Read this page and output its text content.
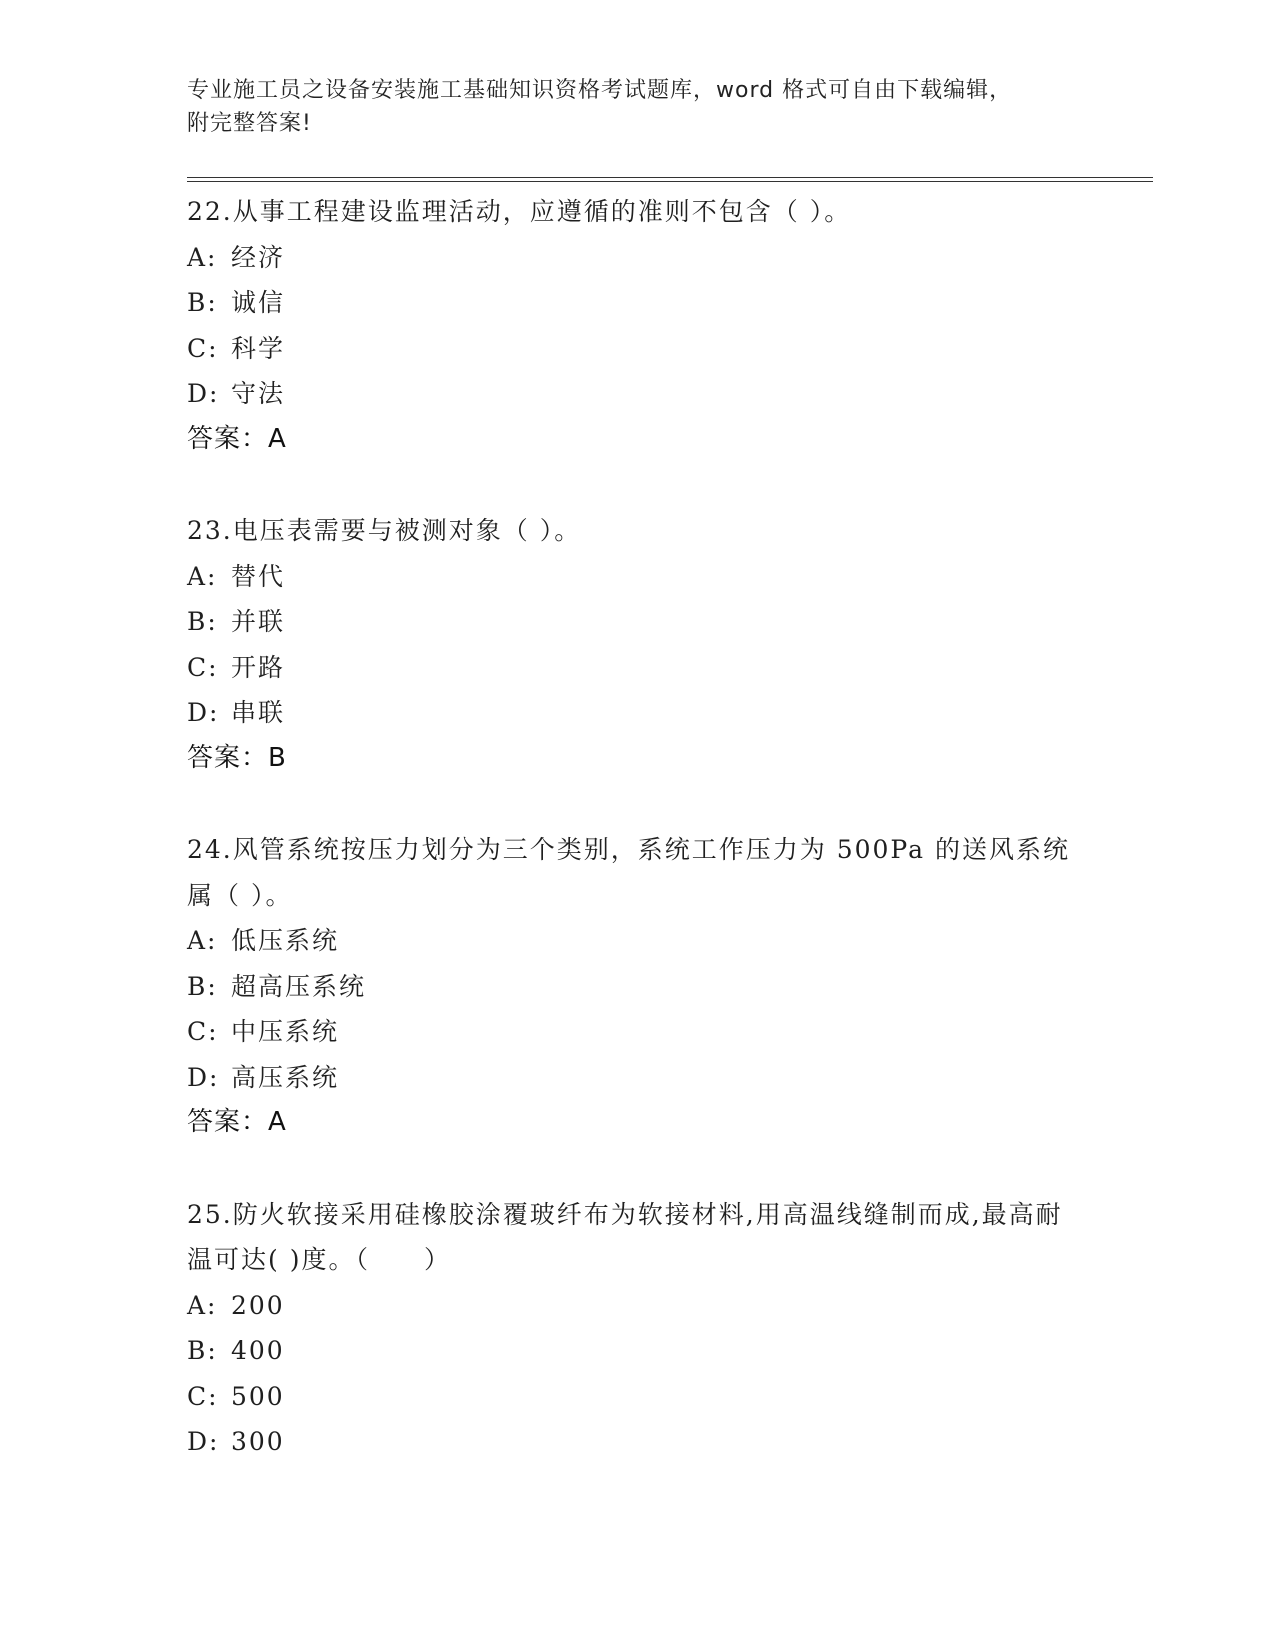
专业施工员之设备安装施工基础知识资格考试题库，word 格式可自由下载编辑，
附完整答案!
22.从事工程建设监理活动，应遵循的准则不包含（ ）。
A: 经济
B: 诚信
C: 科学
D: 守法
答案：A
23.电压表需要与被测对象（ ）。
A: 替代
B: 并联
C: 开路
D: 串联
答案：B
24.风管系统按压力划分为三个类别，系统工作压力为 500Pa 的送风系统属（ ）。
A: 低压系统
B: 超高压系统
C: 中压系统
D: 高压系统
答案：A
25.防火软接采用硅橡胶涂覆玻纤布为软接材料,用高温线缝制而成,最高耐温可达( )度。（　　）
A: 200
B: 400
C: 500
D: 300
